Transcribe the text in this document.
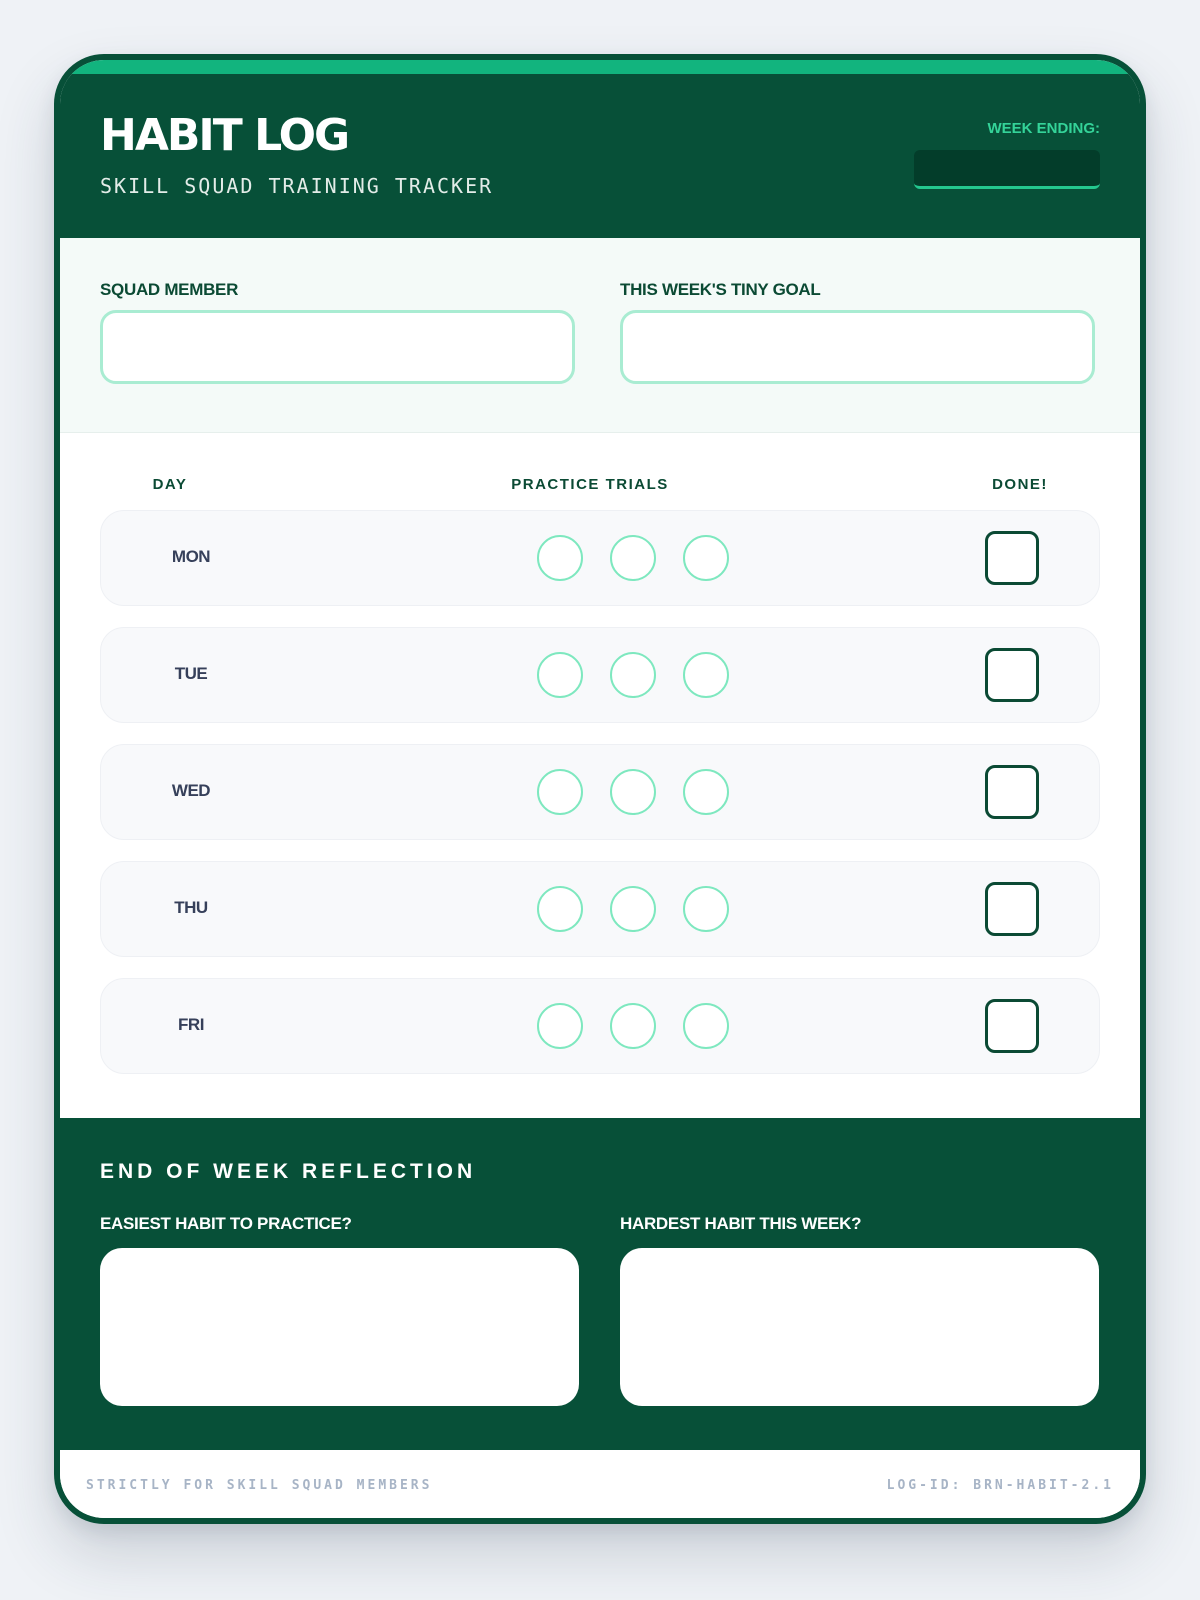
HABIT LOG
SKILL SQUAD TRAINING TRACKER
WEEK ENDING:
SQUAD MEMBER	THIS WEEK'S TINY GOAL
DAY	PRACTICE TRIALS	DONE!
MON
TUE
WED
THU
FRI
END OF WEEK REFLECTION
EASIEST HABIT TO PRACTICE?	HARDEST HABIT THIS WEEK?
STRICTLY FOR SKILL SQUAD MEMBERS	LOG-ID: BRN-HABIT-2.1
